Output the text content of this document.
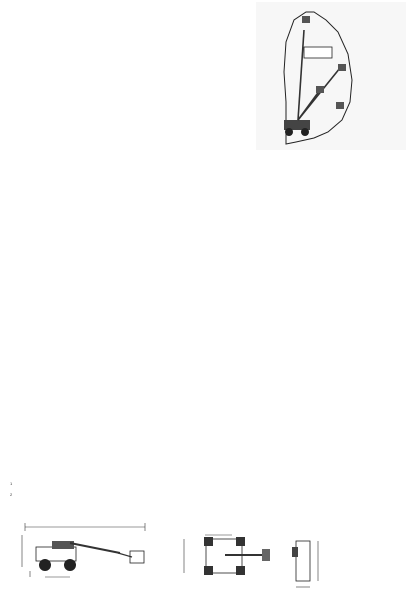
$^1$
$^2$
